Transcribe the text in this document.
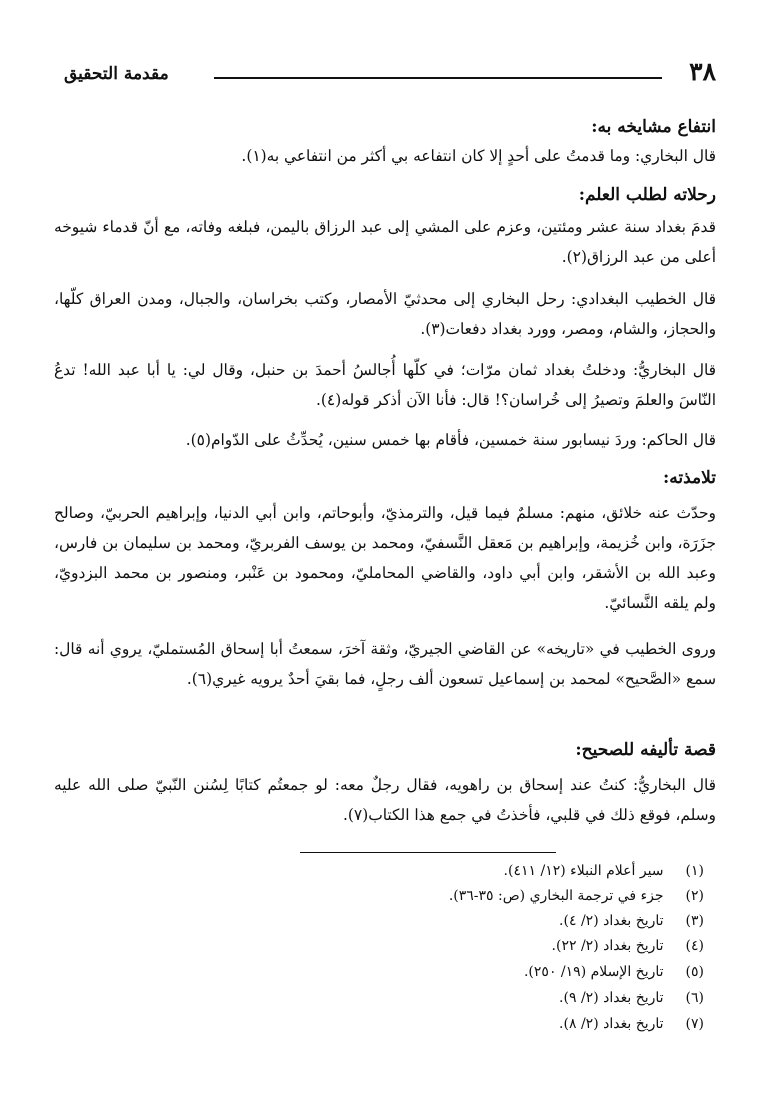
٣٨
مقدمة التحقيق
انتفاع مشايخه به:

قال البخاري: وما قدمتُ على أحدٍ إلا كان انتفاعه بي أكثر من انتفاعي به(١).

رحلاته لطلب العلم:

قدمَ بغداد سنة عشر ومئتين، وعزم على المشي إلى عبد الرزاق باليمن، فبلغه وفاته، مع أنّ قدماء شيوخه أعلى من عبد الرزاق(٢).

قال الخطيب البغدادي: رحل البخاري إلى محدثيّ الأمصار، وكتب بخراسان، والجبال، ومدن العراق كلّها، والحجاز، والشام، ومصر، وورد بغداد دفعات(٣).

قال البخاريُّ: ودخلتُ بغداد ثمان مرّات؛ في كلّها أُجالسُ أحمدَ بن حنبل، وقال لي: يا أبا عبد الله! تدعُ النّاسَ والعلمَ وتصيرُ إلى خُراسان؟! قال: فأنا الآن أذكر قوله(٤).

قال الحاكم: وردَ نيسابور سنة خمسين، فأقام بها خمس سنين، يُحدِّثُ على الدّوام(٥).

تلامذته:

وحدّث عنه خلائق، منهم: مسلمٌ فيما قيل، والترمذيّ، وأبوحاتم، وابن أبي الدنيا، وإبراهيم الحربيّ، وصالح جزَرَة، وابن خُزيمة، وإبراهيم بن مَعقل النَّسفيّ، ومحمد بن يوسف الفربريّ، ومحمد بن سليمان بن فارس، وعبد الله بن الأشقر، وابن أبي داود، والقاضي المحامليّ، ومحمود بن عَنْبر، ومنصور بن محمد البزدويّ، ولم يلقه النَّسائيّ.

وروى الخطيب في «تاريخه» عن القاضي الجيريّ، وثقة آخرَ، سمعتُ أبا إسحاق المُستمليّ، يروي أنه قال: سمع «الصَّحيح» لمحمد بن إسماعيل تسعون ألف رجلٍ، فما بقيَ أحدٌ يرويه غيري(٦).

قصة تأليفه للصحيح:

قال البخاريُّ: كنتُ عند إسحاق بن راهويه، فقال رجلٌ معه: لو جمعتُم كتابًا لِسُنن النّبيّ صلى الله عليه وسلم، فوقع ذلك في قلبي، فأخذتُ في جمع هذا الكتاب(٧).

(١) سير أعلام النبلاء (١٢/ ٤١١).
(٢) جزء في ترجمة البخاري (ص: ٣٥-٣٦).
(٣) تاريخ بغداد (٢/ ٤).
(٤) تاريخ بغداد (٢/ ٢٢).
(٥) تاريخ الإسلام (١٩/ ٢٥٠).
(٦) تاريخ بغداد (٢/ ٩).
(٧) تاريخ بغداد (٢/ ٨).
